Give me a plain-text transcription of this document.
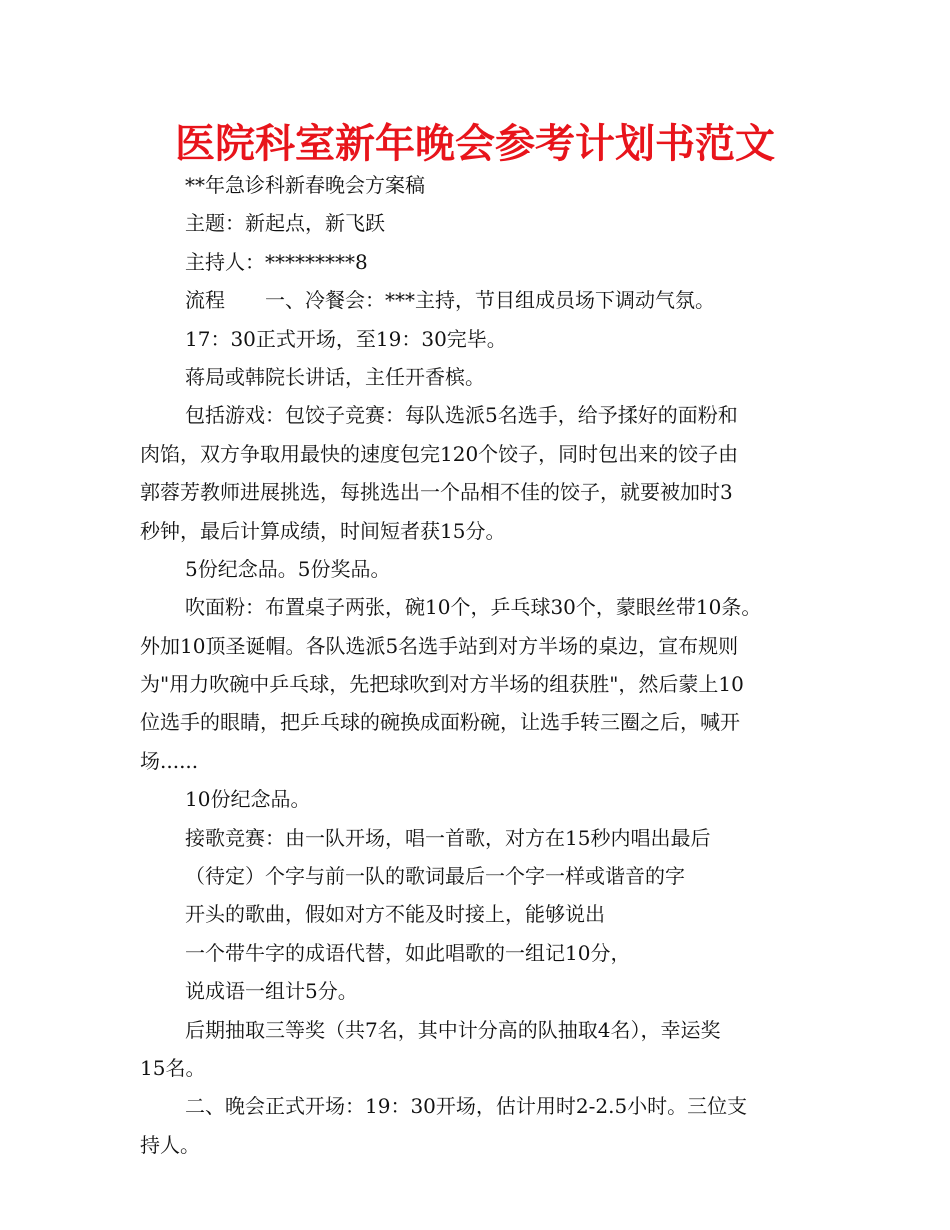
医院科室新年晚会参考计划书范文
**年急诊科新春晚会方案稿
主题：新起点，新飞跃
主持人：*********8
流程　　一、冷餐会：***主持，节目组成员场下调动气氛。
17：30正式开场，至19：30完毕。
蒋局或韩院长讲话，主任开香槟。
包括游戏：包饺子竞赛：每队选派5名选手，给予揉好的面粉和
肉馅，双方争取用最快的速度包完120个饺子，同时包出来的饺子由
郭蓉芳教师进展挑选，每挑选出一个品相不佳的饺子，就要被加时3
秒钟，最后计算成绩，时间短者获15分。
5份纪念品。5份奖品。
吹面粉：布置桌子两张，碗10个，乒乓球30个，蒙眼丝带10条。
外加10顶圣诞帽。各队选派5名选手站到对方半场的桌边，宣布规则
为"用力吹碗中乒乓球，先把球吹到对方半场的组获胜"，然后蒙上10
位选手的眼睛，把乒乓球的碗换成面粉碗，让选手转三圈之后，喊开
场......
10份纪念品。
接歌竞赛：由一队开场，唱一首歌，对方在15秒内唱出最后
（待定）个字与前一队的歌词最后一个字一样或谐音的字
开头的歌曲，假如对方不能及时接上，能够说出
一个带牛字的成语代替，如此唱歌的一组记10分，
说成语一组计5分。
后期抽取三等奖（共7名，其中计分高的队抽取4名），幸运奖
15名。
二、晚会正式开场：19：30开场，估计用时2-2.5小时。三位支
持人。
